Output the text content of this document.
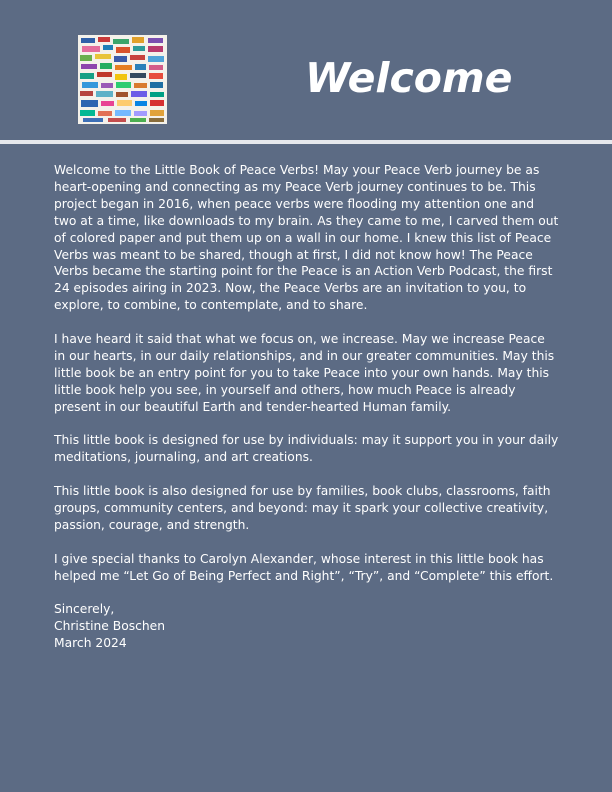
Welcome

Welcome to the Little Book of Peace Verbs! May your Peace Verb journey be as heart-opening and connecting as my Peace Verb journey continues to be. This project began in 2016, when peace verbs were flooding my attention one and two at a time, like downloads to my brain. As they came to me, I carved them out of colored paper and put them up on a wall in our home. I knew this list of Peace Verbs was meant to be shared, though at first, I did not know how! The Peace Verbs became the starting point for the Peace is an Action Verb Podcast, the first 24 episodes airing in 2023. Now, the Peace Verbs are an invitation to you, to explore, to combine, to contemplate, and to share.

I have heard it said that what we focus on, we increase. May we increase Peace in our hearts, in our daily relationships, and in our greater communities. May this little book be an entry point for you to take Peace into your own hands. May this little book help you see, in yourself and others, how much Peace is already present in our beautiful Earth and tender-hearted Human family.

This little book is designed for use by individuals: may it support you in your daily meditations, journaling, and art creations.

This little book is also designed for use by families, book clubs, classrooms, faith groups, community centers, and beyond: may it spark your collective creativity, passion, courage, and strength.

I give special thanks to Carolyn Alexander, whose interest in this little book has helped me “Let Go of Being Perfect and Right”, “Try”, and “Complete” this effort.

Sincerely,
Christine Boschen
March 2024
